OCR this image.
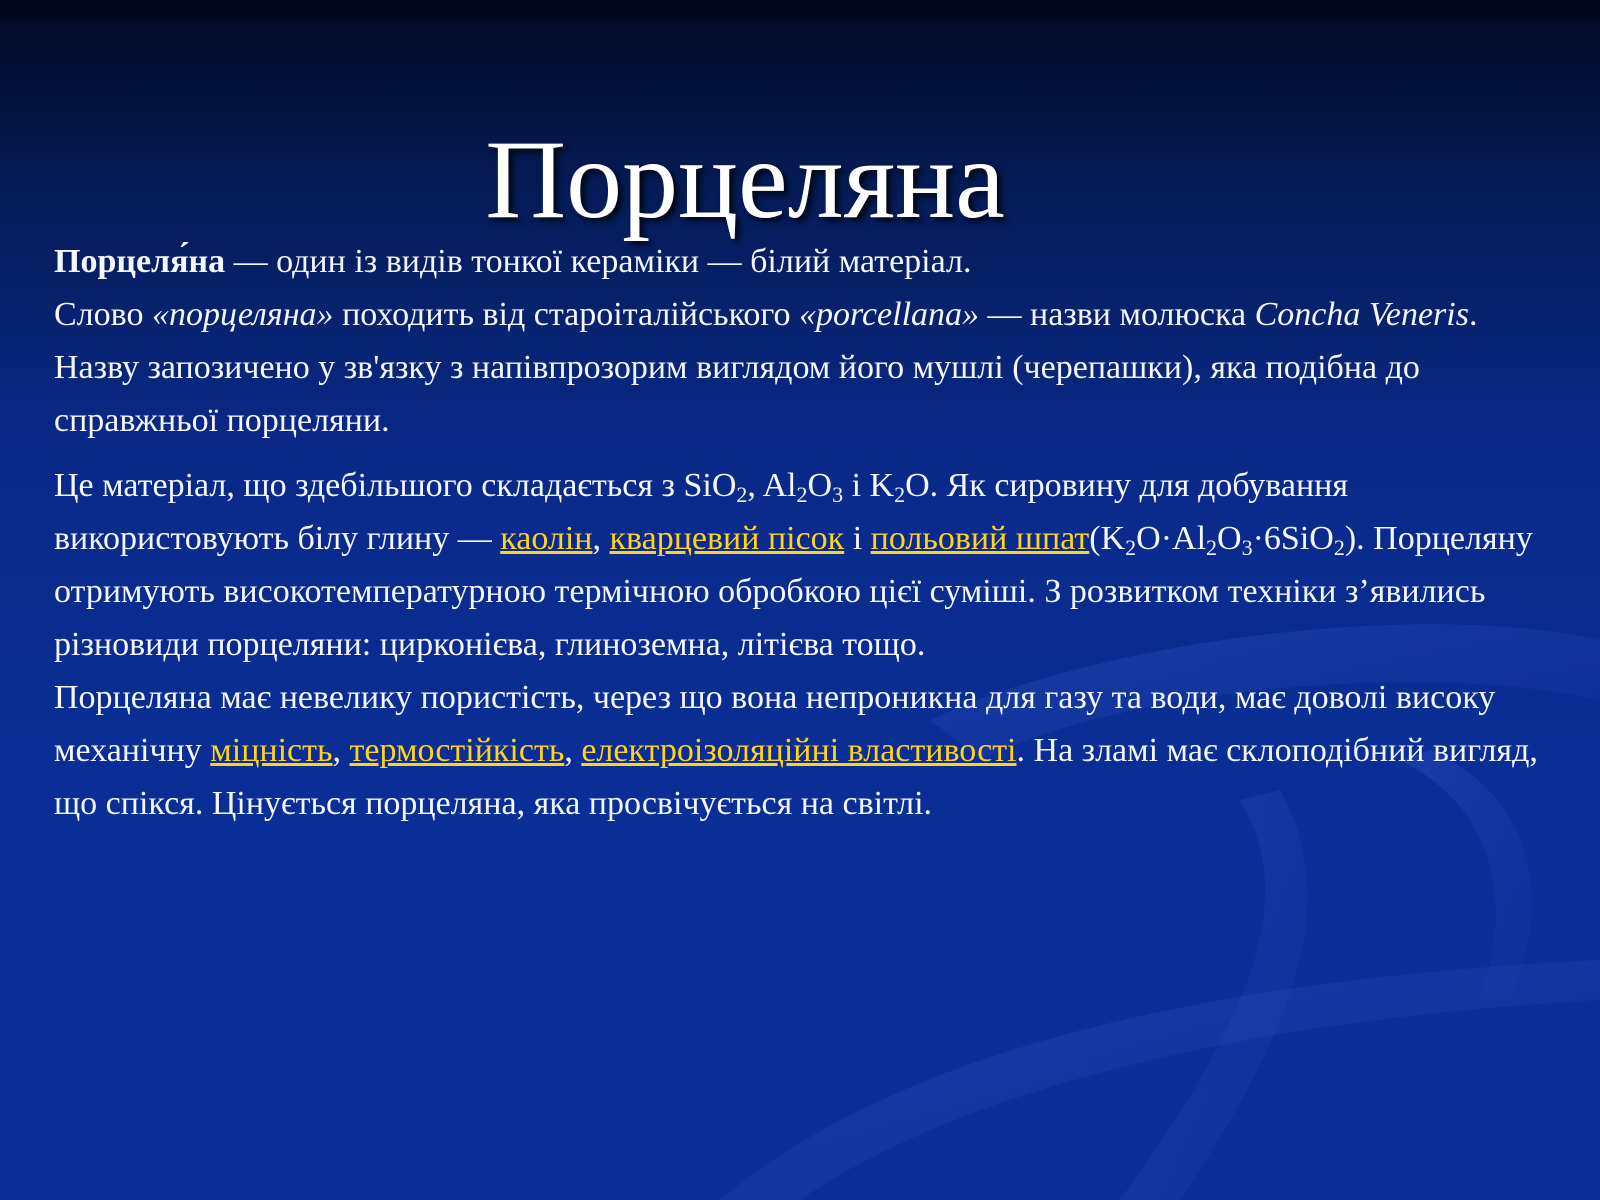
Порцеляна

Порцеля́на — один із видів тонкої кераміки — білий матеріал.

Слово «порцеляна» походить від староіталійського «porcellana» — назви молюска Concha Veneris. Назву запозичено у зв'язку з напівпрозорим виглядом його мушлі (черепашки), яка подібна до справжньої порцеляни.

Це матеріал, що здебільшого складається з SiO$_2$, $Al_2O_3$ і $K_2O$. Як сировину для добування використовують білу глину — каолін, кварцевий пісок і польовий $шпат(K_2O\cdot Al_2O_3\cdot 6SiO_2)$. Порцеляну отримують високотемпературною термічною обробкою цієї суміші. З розвитком техніки з’явились різновиди порцеляни: цирконієва, глиноземна, літієва тощо.

Порцеляна має невелику пористість, через що вона непроникна для газу та води, має доволі високу механічну міцність, термостійкість, електроізоляційні властивості. На зламі має склоподібний вигляд, що спікся. Цінується порцеляна, яка просвічується на світлі.
